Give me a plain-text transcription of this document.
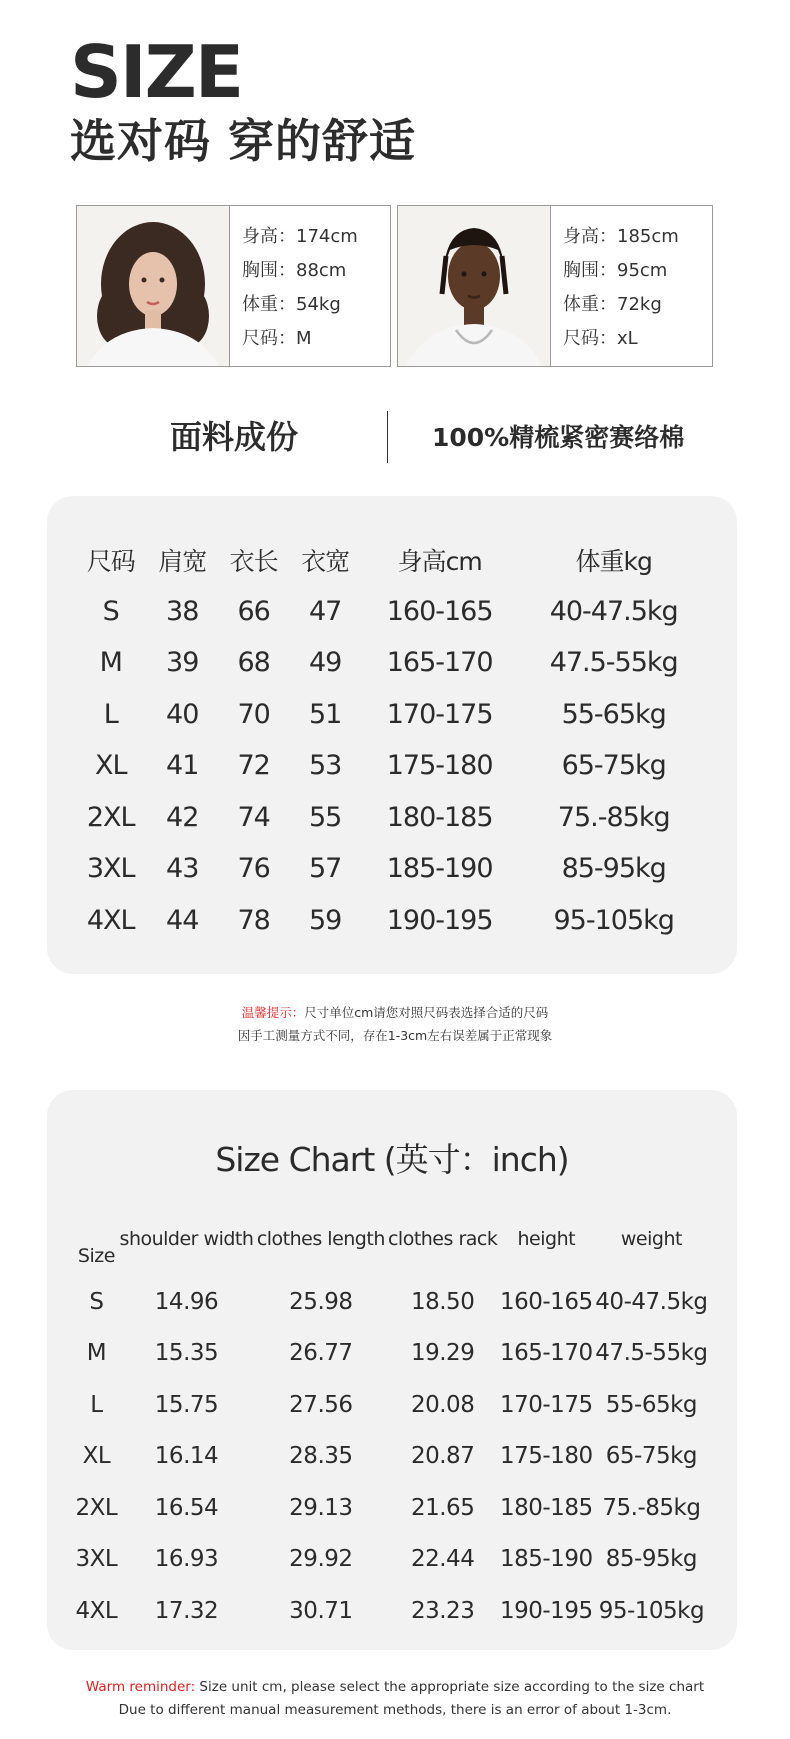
SIZE
选对码 穿的舒适
身高：174cm
胸围：88cm
体重：54kg
尺码：M
身高：185cm
胸围：95cm
体重：72kg
尺码：xL
面料成份	100%精梳紧密赛络棉
尺码	肩宽	衣长	衣宽	身高cm	体重kg
S	38	66	47	160-165	40-47.5kg
M	39	68	49	165-170	47.5-55kg
L	40	70	51	170-175	55-65kg
XL	41	72	53	175-180	65-75kg
2XL	42	74	55	180-185	75.-85kg
3XL	43	76	57	185-190	85-95kg
4XL	44	78	59	190-195	95-105kg
温馨提示：尺寸单位cm请您对照尺码表选择合适的尺码
因手工测量方式不同，存在1-3cm左右误差属于正常现象
Size Chart (英寸：inch)
Size	shoulder width	clothes length	clothes rack	height	weight
S	14.96	25.98	18.50	160-165	40-47.5kg
M	15.35	26.77	19.29	165-170	47.5-55kg
L	15.75	27.56	20.08	170-175	55-65kg
XL	16.14	28.35	20.87	175-180	65-75kg
2XL	16.54	29.13	21.65	180-185	75.-85kg
3XL	16.93	29.92	22.44	185-190	85-95kg
4XL	17.32	30.71	23.23	190-195	95-105kg
Warm reminder: Size unit cm, please select the appropriate size according to the size chart
Due to different manual measurement methods, there is an error of about 1-3cm.
